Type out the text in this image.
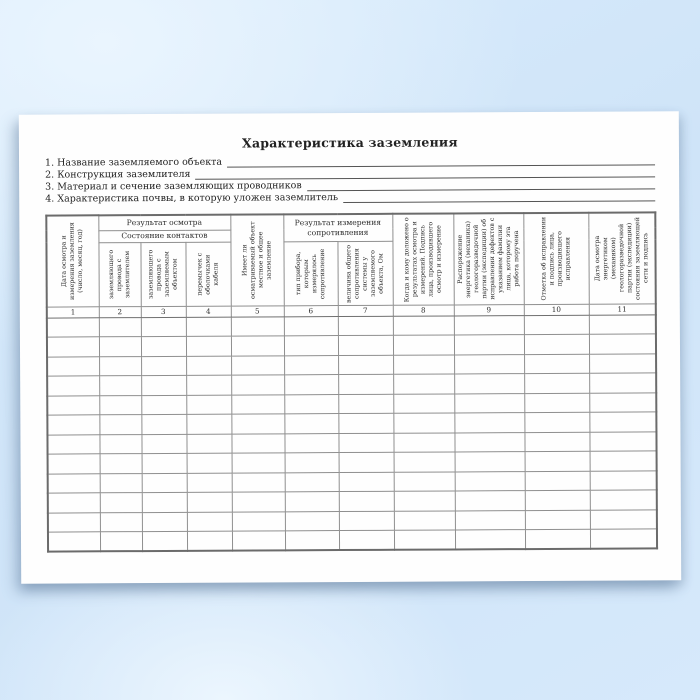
Характеристика заземления
1. Название заземляемого объекта
2. Конструкция заземлителя
3. Материал и сечение заземляющих проводников
4. Характеристика почвы, в которую уложен заземлитель
Дата осмотра и измерения заземления (число, месяц, год)	Результат осмотра			Имеет ли осматриваемый объект местное и общее заземление	Результат измерения сопротивления		Когда и кому доложено о результатах осмотра и измерений. Подпись лица, производившего осмотр и измерение	Распоряжение энергетика (механика) геологоразведочной партии (экспедиции) об исправлении дефектов с указанием фамилии лица, которому эта работа поручена	Отметка об исправлении и подпись лица, производившего исправления	Дата осмотра энергетиком (механиком) геологоразведочной партии (экспедиции) состояния заземляющей сети и подпись

	Состояние контактов									

	заземляющего провода с заземлителем	заземляющего провода с заземляемым объектом	перемычек с оболочками кабеля		тип прибора, которым измерялось сопротивление	величина общего сопротивления системы у заземляемого объекта, Ом				

1	2	3	4	5	6	7	8	9	10	11
